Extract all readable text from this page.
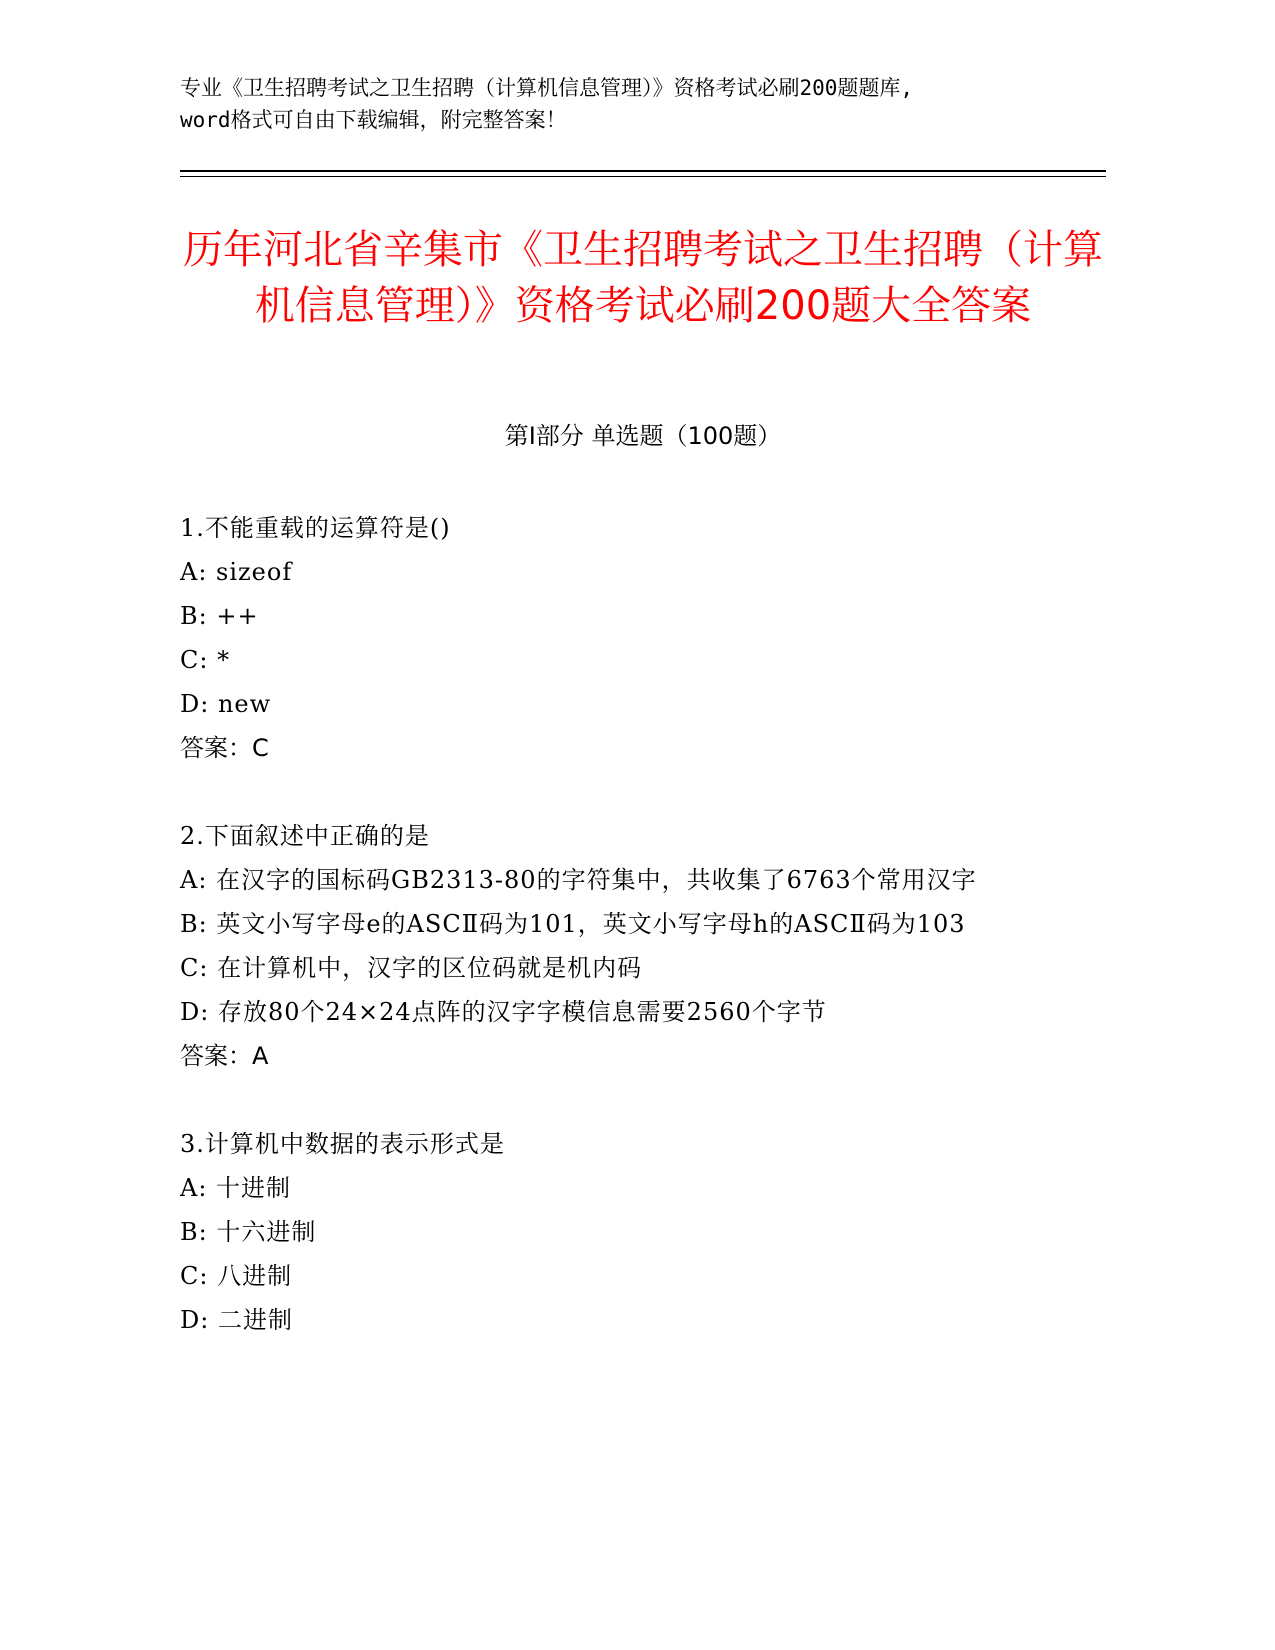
专业《卫生招聘考试之卫生招聘（计算机信息管理）》资格考试必刷200题题库,
word格式可自由下载编辑，附完整答案！
历年河北省辛集市《卫生招聘考试之卫生招聘（计算机信息管理）》资格考试必刷200题大全答案
第Ⅰ部分 单选题（100题）
1.不能重载的运算符是()
A: sizeof
B: ++
C: *
D: new
答案：C
2.下面叙述中正确的是
A: 在汉字的国标码GB2313-80的字符集中，共收集了6763个常用汉字
B: 英文小写字母e的ASCⅡ码为101，英文小写字母h的ASCⅡ码为103
C: 在计算机中，汉字的区位码就是机内码
D: 存放80个24×24点阵的汉字字模信息需要2560个字节
答案：A
3.计算机中数据的表示形式是
A: 十进制
B: 十六进制
C: 八进制
D: 二进制
